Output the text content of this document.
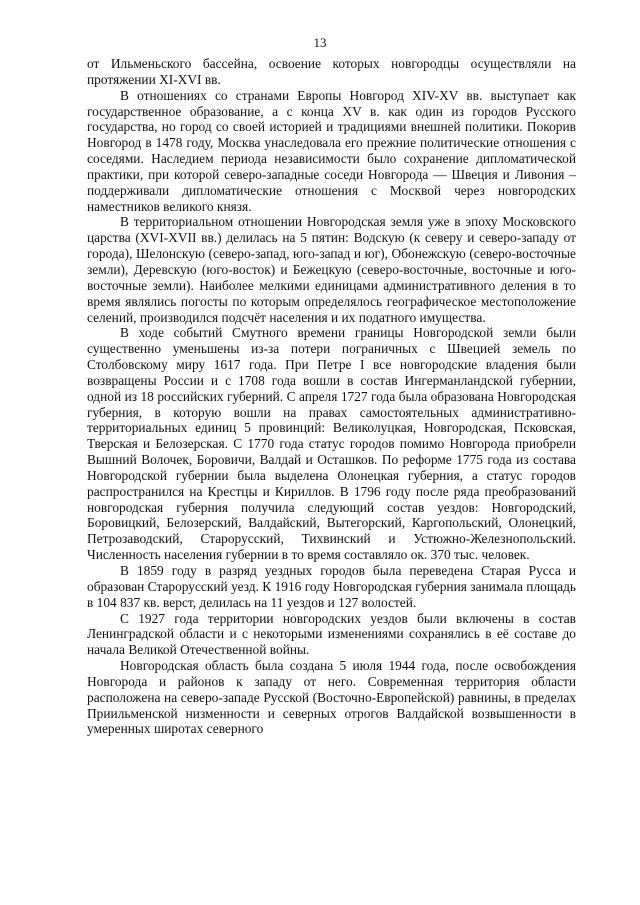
13

от Ильменьского бассейна, освоение которых новгородцы осуществляли на протяжении XI-XVI вв.

В отношениях со странами Европы Новгород XIV-XV вв. выступает как государственное образование, а с конца XV в. как один из городов Русского государства, но город со своей историей и традициями внешней политики. Покорив Новгород в 1478 году, Москва унаследовала его прежние политические отношения с соседями. Наследием периода независимости было сохранение дипломатической практики, при которой северо-западные соседи Новгорода — Швеция и Ливония – поддерживали дипломатические отношения с Москвой через новгородских наместников великого князя.

В территориальном отношении Новгородская земля уже в эпоху Московского царства (XVI-XVII вв.) делилась на 5 пятин: Водскую (к северу и северо-западу от города), Шелонскую (северо-запад, юго-запад и юг), Обонежскую (северо-восточные земли), Деревскую (юго-восток) и Бежецкую (северо-восточные, восточные и юго-восточные земли). Наиболее мелкими единицами административного деления в то время являлись погосты по которым определялось географическое местоположение селений, производился подсчёт населения и их податного имущества.

В ходе событий Смутного времени границы Новгородской земли были существенно уменьшены из-за потери пограничных с Швецией земель по Столбовскому миру 1617 года. При Петре I все новгородские владения были возвращены России и с 1708 года вошли в состав Ингерманландской губернии, одной из 18 российских губерний. С апреля 1727 года была образована Новгородская губерния, в которую вошли на правах самостоятельных административно-территориальных единиц 5 провинций: Великолуцкая, Новгородская, Псковская, Тверская и Белозерская. С 1770 года статус городов помимо Новгорода приобрели Вышний Волочек, Боровичи, Валдай и Осташков. По реформе 1775 года из состава Новгородской губернии была выделена Олонецкая губерния, а статус городов распространился на Крестцы и Кириллов. В 1796 году после ряда преобразований новгородская губерния получила следующий состав уездов: Новгородский, Боровицкий, Белозерский, Валдайский, Вытегорский, Каргопольский, Олонецкий, Петрозаводский, Старорусский, Тихвинский и Устюжно-Железнопольский. Численность населения губернии в то время составляло ок. 370 тыс. человек.

В 1859 году в разряд уездных городов была переведена Старая Русса и образован Старорусский уезд. К 1916 году Новгородская губерния занимала площадь в 104 837 кв. верст, делилась на 11 уездов и 127 волостей.

С 1927 года территории новгородских уездов были включены в состав Ленинградской области и с некоторыми изменениями сохранялись в её составе до начала Великой Отечественной войны.

Новгородская область была создана 5 июля 1944 года, после освобождения Новгорода и районов к западу от него. Современная территория области расположена на северо-западе Русской (Восточно-Европейской) равнины, в пределах Приильменской низменности и северных отрогов Валдайской возвышенности в умеренных широтах северного
